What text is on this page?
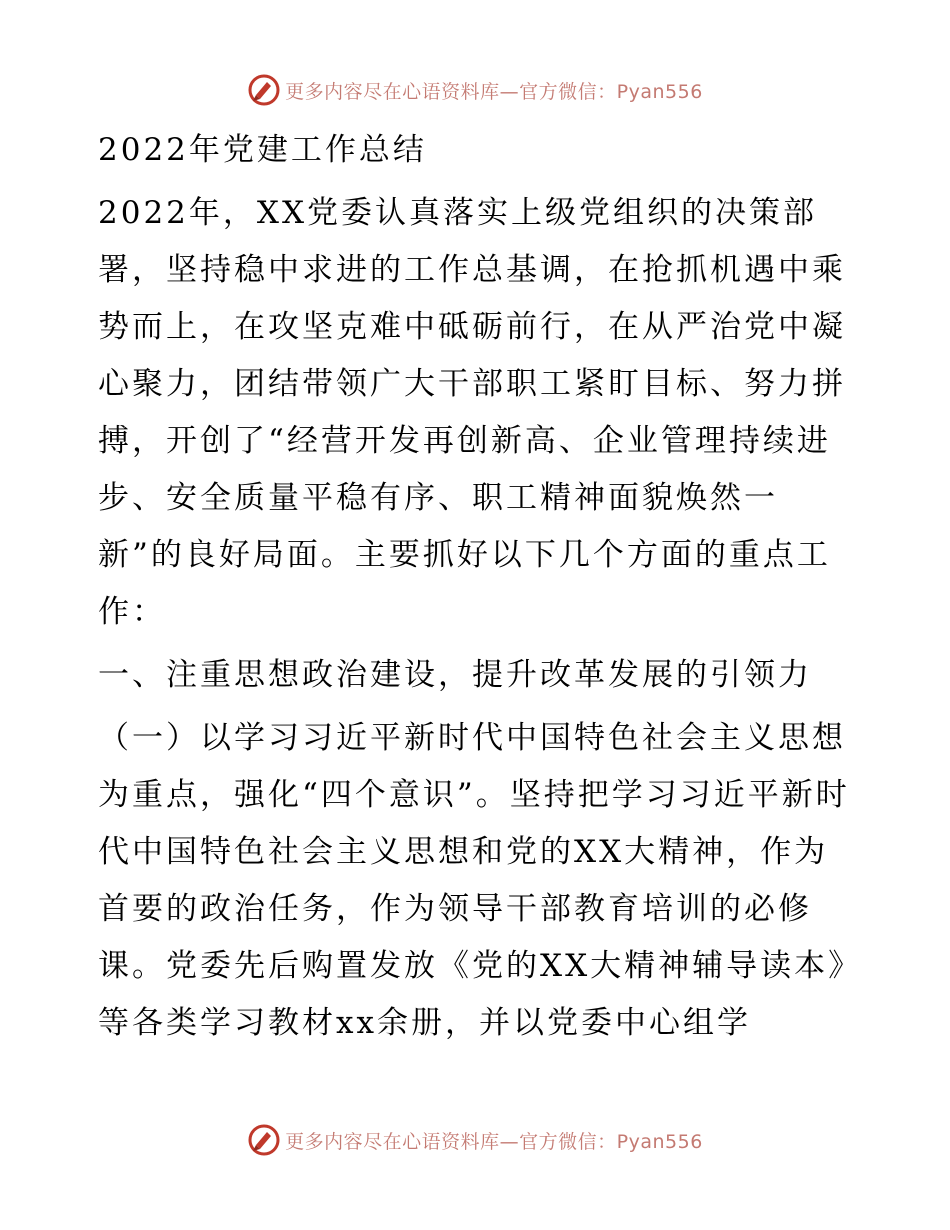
更多内容尽在心语资料库—官方微信：Pyan556

2022年党建工作总结

2022年，XX党委认真落实上级党组织的决策部署，坚持稳中求进的工作总基调，在抢抓机遇中乘势而上，在攻坚克难中砥砺前行，在从严治党中凝心聚力，团结带领广大干部职工紧盯目标、努力拼搏，开创了“经营开发再创新高、企业管理持续进步、安全质量平稳有序、职工精神面貌焕然一新”的良好局面。主要抓好以下几个方面的重点工作：

一、注重思想政治建设，提升改革发展的引领力

（一）以学习习近平新时代中国特色社会主义思想为重点，强化“四个意识”。坚持把学习习近平新时代中国特色社会主义思想和党的XX大精神，作为首要的政治任务，作为领导干部教育培训的必修课。党委先后购置发放《党的XX大精神辅导读本》等各类学习教材xx余册，并以党委中心组学

更多内容尽在心语资料库—官方微信：Pyan556
